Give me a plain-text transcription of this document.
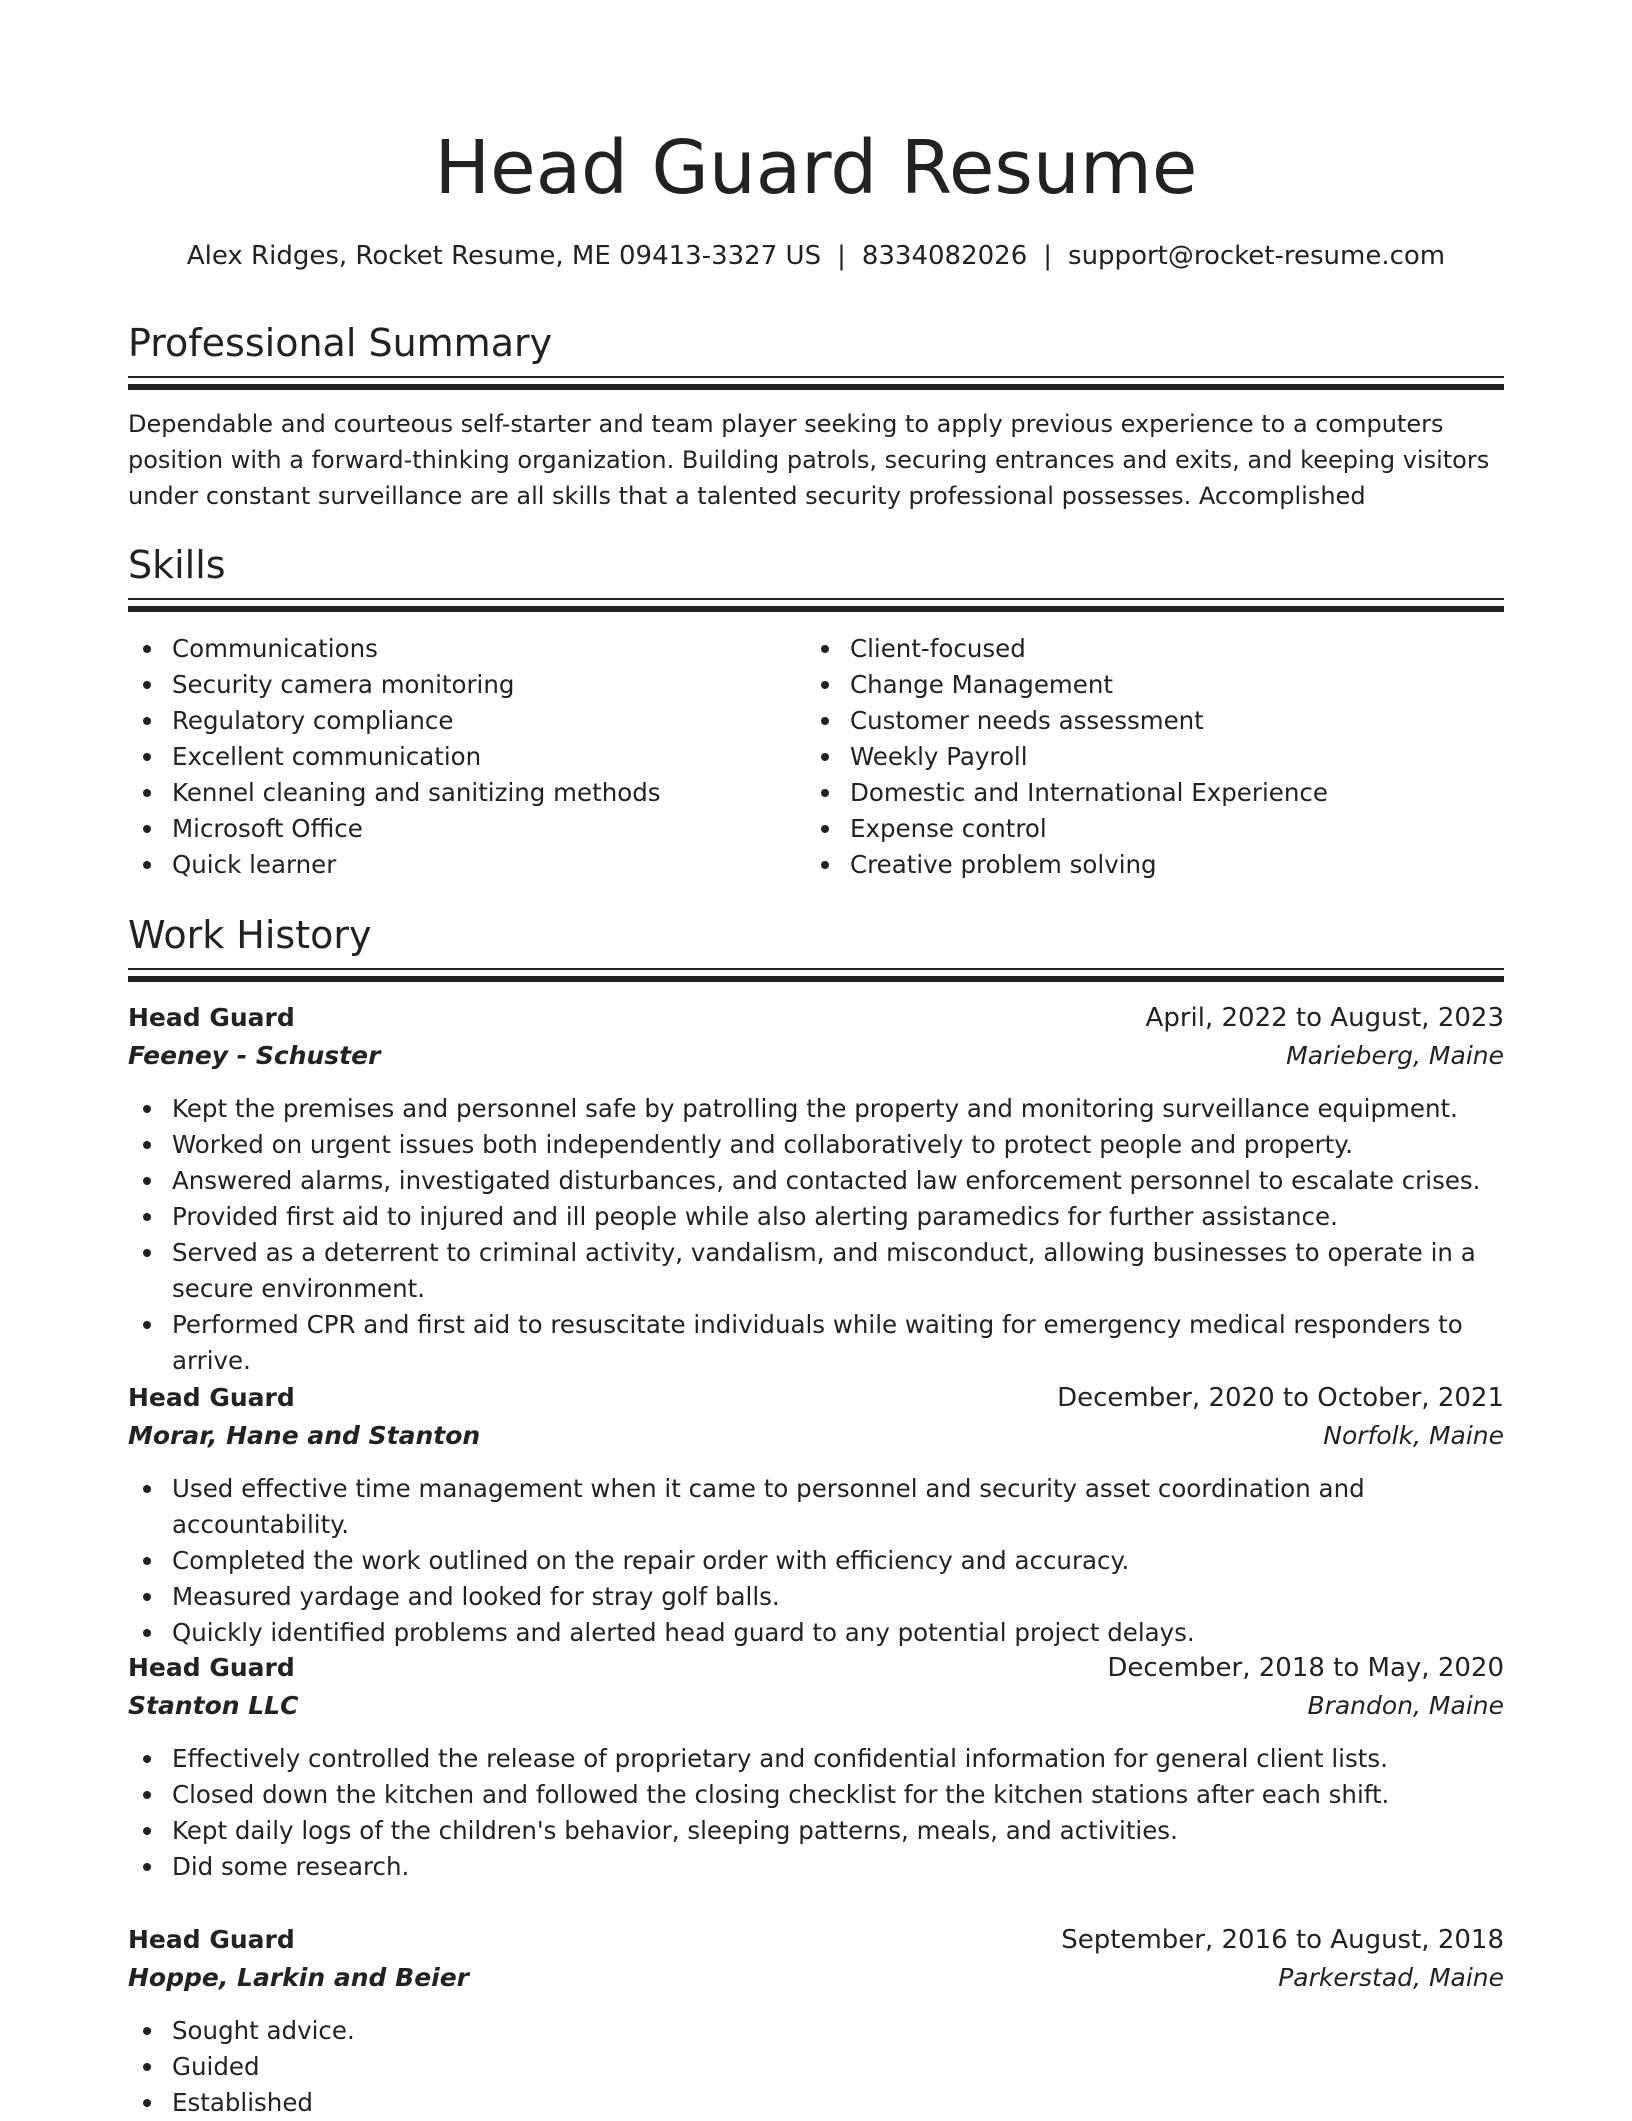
Head Guard Resume
Alex Ridges, Rocket Resume, ME 09413-3327 US | 8334082026 | support@rocket-resume.com
Professional Summary

Dependable and courteous self-starter and team player seeking to apply previous experience to a computers position with a forward-thinking organization. Building patrols, securing entrances and exits, and keeping visitors under constant surveillance are all skills that a talented security professional possesses. Accomplished

Skills
Communications
Security camera monitoring
Regulatory compliance
Excellent communication
Kennel cleaning and sanitizing methods
Microsoft Office
Quick learner
Client-focused
Change Management
Customer needs assessment
Weekly Payroll
Domestic and International Experience
Expense control
Creative problem solving
Work History
Head Guard	April, 2022 to August, 2023
Feeney - Schuster	Marieberg, Maine
Kept the premises and personnel safe by patrolling the property and monitoring surveillance equipment.
Worked on urgent issues both independently and collaboratively to protect people and property.
Answered alarms, investigated disturbances, and contacted law enforcement personnel to escalate crises.
Provided first aid to injured and ill people while also alerting paramedics for further assistance.
Served as a deterrent to criminal activity, vandalism, and misconduct, allowing businesses to operate in a secure environment.
Performed CPR and first aid to resuscitate individuals while waiting for emergency medical responders to arrive.
Head Guard	December, 2020 to October, 2021
Morar, Hane and Stanton	Norfolk, Maine
Used effective time management when it came to personnel and security asset coordination and accountability.
Completed the work outlined on the repair order with efficiency and accuracy.
Measured yardage and looked for stray golf balls.
Quickly identified problems and alerted head guard to any potential project delays.
Head Guard	December, 2018 to May, 2020
Stanton LLC	Brandon, Maine
Effectively controlled the release of proprietary and confidential information for general client lists.
Closed down the kitchen and followed the closing checklist for the kitchen stations after each shift.
Kept daily logs of the children's behavior, sleeping patterns, meals, and activities.
Did some research.
Head Guard	September, 2016 to August, 2018
Hoppe, Larkin and Beier	Parkerstad, Maine
Sought advice.
Guided
Established
